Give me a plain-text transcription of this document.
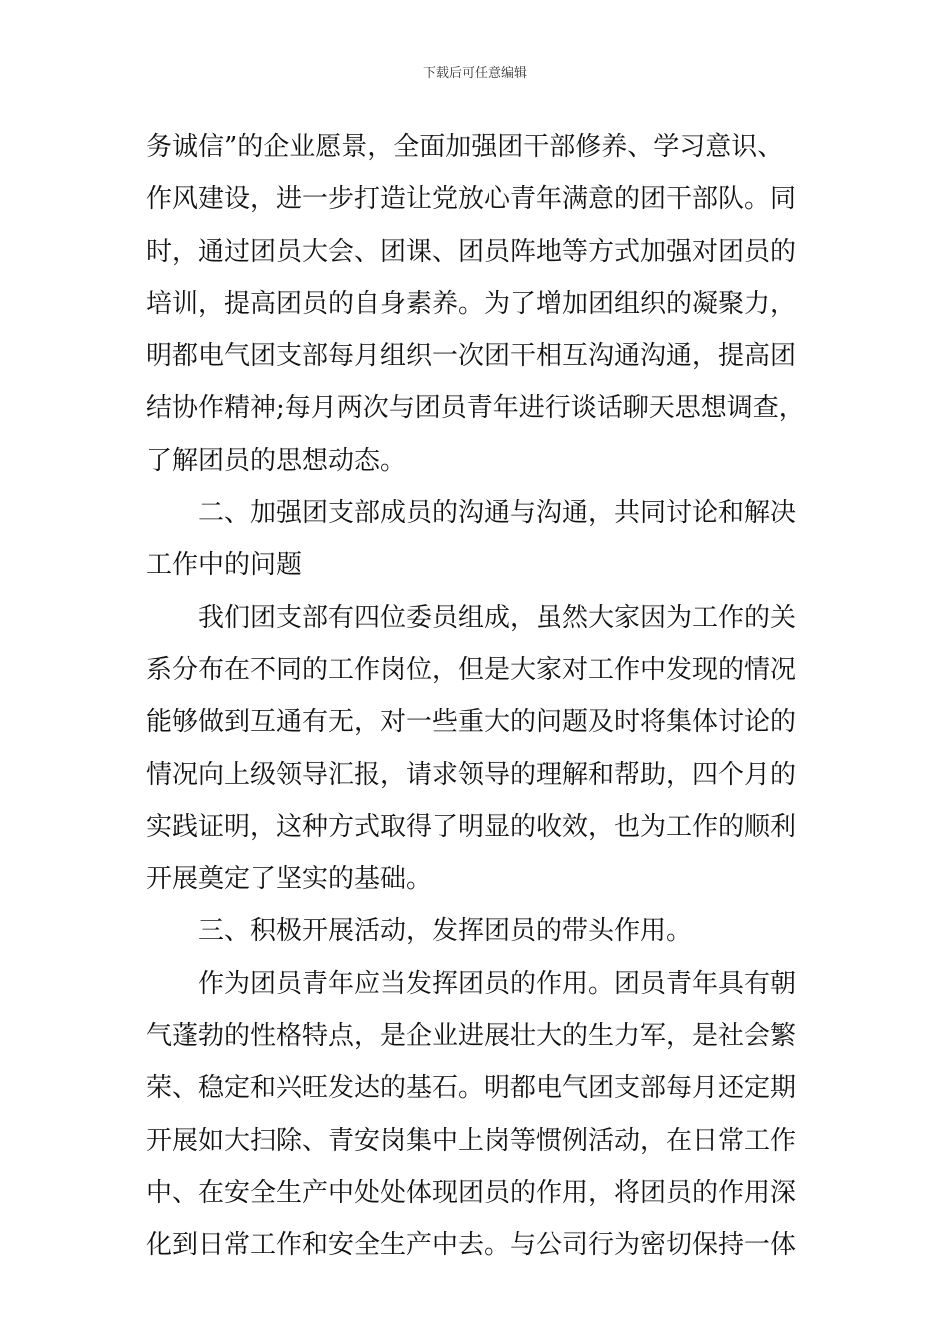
下载后可任意编辑
务诚信”的企业愿景，全面加强团干部修养、学习意识、
作风建设，进一步打造让党放心青年满意的团干部队。同
时，通过团员大会、团课、团员阵地等方式加强对团员的
培训，提高团员的自身素养。为了增加团组织的凝聚力，
明都电气团支部每月组织一次团干相互沟通沟通，提高团
结协作精神;每月两次与团员青年进行谈话聊天思想调查，
了解团员的思想动态。
二、加强团支部成员的沟通与沟通，共同讨论和解决
工作中的问题
我们团支部有四位委员组成，虽然大家因为工作的关
系分布在不同的工作岗位，但是大家对工作中发现的情况
能够做到互通有无，对一些重大的问题及时将集体讨论的
情况向上级领导汇报，请求领导的理解和帮助，四个月的
实践证明，这种方式取得了明显的收效，也为工作的顺利
开展奠定了坚实的基础。
三、积极开展活动，发挥团员的带头作用。
作为团员青年应当发挥团员的作用。团员青年具有朝
气蓬勃的性格特点，是企业进展壮大的生力军，是社会繁
荣、稳定和兴旺发达的基石。明都电气团支部每月还定期
开展如大扫除、青安岗集中上岗等惯例活动，在日常工作
中、在安全生产中处处体现团员的作用，将团员的作用深
化到日常工作和安全生产中去。与公司行为密切保持一体
